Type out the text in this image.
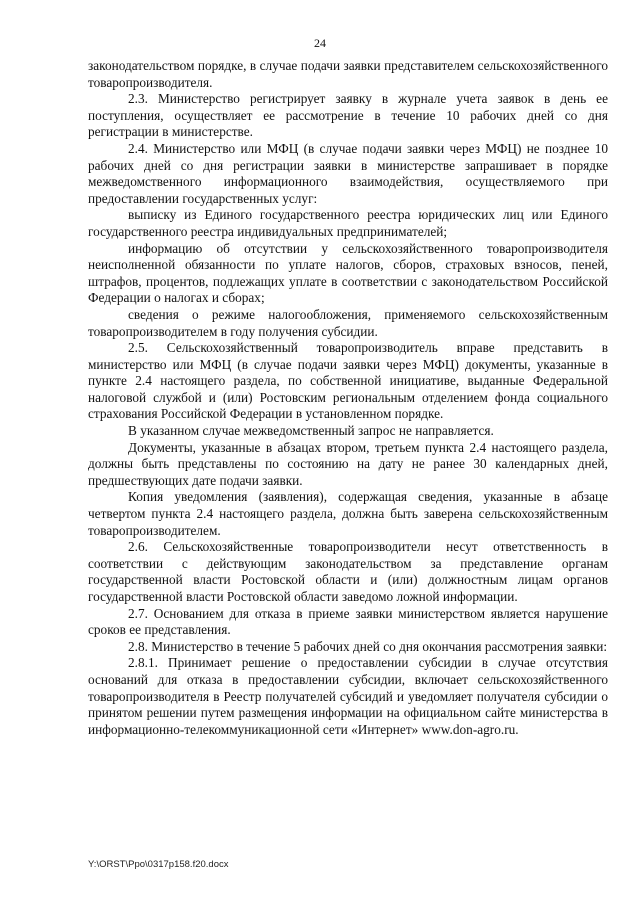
24

законодательством порядке, в случае подачи заявки представителем сельскохозяйственного товаропроизводителя.

2.3. Министерство регистрирует заявку в журнале учета заявок в день ее поступления, осуществляет ее рассмотрение в течение 10 рабочих дней со дня регистрации в министерстве.

2.4. Министерство или МФЦ (в случае подачи заявки через МФЦ) не позднее 10 рабочих дней со дня регистрации заявки в министерстве запрашивает в порядке межведомственного информационного взаимодействия, осуществляемого при предоставлении государственных услуг:

выписку из Единого государственного реестра юридических лиц или Единого государственного реестра индивидуальных предпринимателей;

информацию об отсутствии у сельскохозяйственного товаропроизводителя неисполненной обязанности по уплате налогов, сборов, страховых взносов, пеней, штрафов, процентов, подлежащих уплате в соответствии с законодательством Российской Федерации о налогах и сборах;

сведения о режиме налогообложения, применяемого сельскохозяйственным товаропроизводителем в году получения субсидии.

2.5. Сельскохозяйственный товаропроизводитель вправе представить в министерство или МФЦ (в случае подачи заявки через МФЦ) документы, указанные в пункте 2.4 настоящего раздела, по собственной инициативе, выданные Федеральной налоговой службой и (или) Ростовским региональным отделением фонда социального страхования Российской Федерации в установленном порядке.

В указанном случае межведомственный запрос не направляется.

Документы, указанные в абзацах втором, третьем пункта 2.4 настоящего раздела, должны быть представлены по состоянию на дату не ранее 30 календарных дней, предшествующих дате подачи заявки.

Копия уведомления (заявления), содержащая сведения, указанные в абзаце четвертом пункта 2.4 настоящего раздела, должна быть заверена сельскохозяйственным товаропроизводителем.

2.6. Сельскохозяйственные товаропроизводители несут ответственность в соответствии с действующим законодательством за представление органам государственной власти Ростовской области и (или) должностным лицам органов государственной власти Ростовской области заведомо ложной информации.

2.7. Основанием для отказа в приеме заявки министерством является нарушение сроков ее представления.

2.8. Министерство в течение 5 рабочих дней со дня окончания рассмотрения заявки:

2.8.1. Принимает решение о предоставлении субсидии в случае отсутствия оснований для отказа в предоставлении субсидии, включает сельскохозяйственного товаропроизводителя в Реестр получателей субсидий и уведомляет получателя субсидии о принятом решении путем размещения информации на официальном сайте министерства в информационно-телекоммуникационной сети «Интернет» www.don-agro.ru.

Y:\ORST\Ppo\0317p158.f20.docx
